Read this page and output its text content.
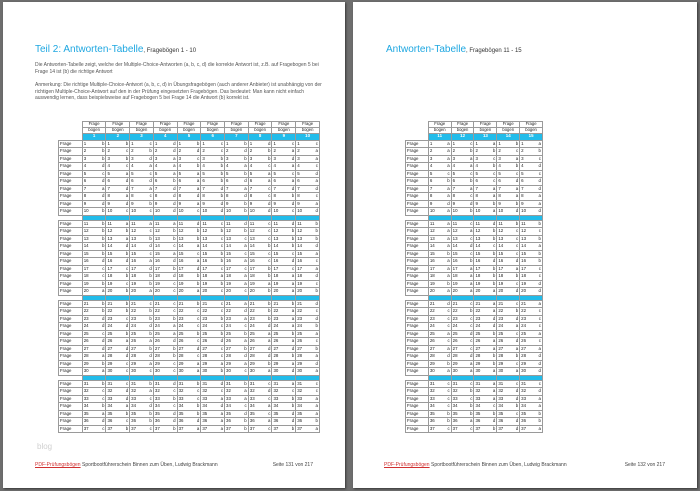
Teil 2: Antworten-Tabelle, Fragebögen 1 - 10

Die Antworten-Tabelle zeigt, welche der Multiple-Choice-Antworten (a, b, c, d) die korrekte Antwort ist, z.B. auf Fragebogen 5 bei Frage 14 ist (b) die richtige Antwort

Anmerkung: Die richtige Multiple-Choice-Antwort (a, b, c, d) in Übungsfragebögen (auch anderer Anbieter) ist unabhängig von der richtigen Multiple-Choice-Antwort auf den in der Prüfung eingesetzten Fragebögen. Das bedeutet: Man kann nicht einfach auswendig lernen, dass beispielsweise auf Fragebogen 5 bei Frage 14 die Antwort (b) korrekt ist.

	Frage	Frage	Frage	Frage	Frage	Frage	Frage	Frage	Frage	Frage
	bogen	bogen	bogen	bogen	bogen	bogen	bogen	bogen	bogen	bogen
	1	2	3	4	5	6	7	8	9	10
Frage	1 b	1 b	1 c	1 d	1 b	1 c	1 b	1 d	1 c	1 c

Frage	2 b	2 c	2 b	2 d	2 d	2 c	2 d	2 b	2 a	2 a

Frage	3 b	3 b	3 d	3 a	3 c	3 b	3 b	3 b	3 d	3 a

Frage	4 d	4 c	4 a	4 a	4 b	4 b	4 a	4 c	4 a	4 c

Frage	5 c	5 a	5 c	5 a	5 a	5 b	5 b	5 a	5 c	5 d

Frage	6 d	6 d	6 d	6 b	6 a	6 b	6 d	6 a	6 a	6 a

Frage	7 a	7 d	7 a	7 d	7 a	7 d	7 a	7 c	7 d	7 d

Frage	8 d	8 a	8 c	8 d	8 d	8 b	8 d	8 c	8 b	8 c

Frage	9 d	9 d	9 b	9 d	9 a	9 d	9 b	9 d	9 d	9 a

Frage	10 b	10 c	10 c	10 d	10 c	10 d	10 b	10 d	10 c	10 d

Frage	11 b	11 a	11 a	11 a	11 d	11 c	11 d	11 c	11 d	11 b

Frage	12 b	12 b	12 c	12 b	12 b	12 b	12 b	12 c	12 b	12 b

Frage	13 b	13 a	13 b	13 b	13 b	13 c	13 c	13 c	13 b	13 b

Frage	14 b	14 d	14 d	14 c	14 a	14 c	14 a	14 b	14 b	14 d

Frage	15 b	15 b	15 c	15 a	15 c	15 b	15 c	15 c	15 c	15 a

Frage	16 d	16 d	16 a	16 d	16 a	16 b	16 a	16 c	16 d	16 c

Frage	17 c	17 c	17 d	17 b	17 d	17 c	17 c	17 b	17 c	17 a

Frage	18 c	18 b	18 b	18 d	18 b	18 a	18 a	18 b	18 a	18 d

Frage	19 b	19 c	19 b	19 c	19 b	19 b	19 a	19 a	19 a	19 c

Frage	20 a	20 b	20 a	20 c	20 a	20 c	20 c	20 b	20 a	20 b

Frage	21 b	21 b	21 c	21 c	21 b	21 c	21 a	21 b	21 b	21 d

Frage	22 b	22 b	22 b	22 c	22 c	22 c	22 d	22 b	22 a	22 c

Frage	23 d	23 c	23 b	23 b	23 c	23 b	23 a	23 b	23 a	23 d

Frage	24 d	24 d	24 d	24 a	24 c	24 c	24 c	24 d	24 a	24 b

Frage	25 c	25 b	25 b	25 a	25 b	25 b	25 b	25 a	25 b	25 a

Frage	26 d	26 a	26 a	26 d	26 c	26 d	26 a	26 a	26 a	26 c

Frage	27 d	27 d	27 b	27 b	27 d	27 c	27 b	27 d	27 d	27 b

Frage	28 a	28 d	28 d	28 b	28 c	28 c	28 d	28 d	28 b	28 a

Frage	29 b	29 c	29 a	29 c	29 a	29 a	29 a	29 b	29 a	29 d

Frage	30 a	30 c	30 c	30 c	30 a	30 b	30 c	30 a	30 d	30 a

Frage	31 b	31 c	31 b	31 d	31 b	31 d	31 b	31 c	31 a	31 c

Frage	32 c	32 d	32 a	32 c	32 c	32 c	32 a	32 d	32 c	32 c

Frage	33 c	33 d	33 c	33 b	33 c	33 a	33 a	33 c	33 b	33 a

Frage	34 b	34 a	34 d	34 c	34 b	34 d	34 c	34 a	34 b	34 a

Frage	35 a	35 b	35 b	35 d	35 b	35 a	35 d	35 c	35 d	35 a

Frage	36 d	36 c	36 b	36 d	36 d	36 a	36 b	36 a	36 d	36 b

Frage	37 c	37 b	37 c	37 b	37 a	37 a	37 b	37 c	37 b	37 a
blog
PDF-Prüfungsbögen Sportbootführerschein Binnen zum Üben, Ludwig Brackmann	Seite 131 von 217
Antworten-Tabelle, Fragebögen 11 - 15
	Frage	Frage	Frage	Frage	Frage
	bogen	bogen	bogen	bogen	bogen
	11	12	13	14	15
Frage	1 a	1 c	1 a	1 b	1 a

Frage	2 a	2 b	2 b	2 c	2 b

Frage	3 a	3 a	3 c	3 a	3 c

Frage	4 a	4 a	4 b	4 b	4 d

Frage	5 c	5 c	5 c	5 c	5 c

Frage	6 b	6 b	6 c	6 d	6 d

Frage	7 a	7 a	7 a	7 a	7 d

Frage	8 a	8 c	8 a	8 a	8 a

Frage	9 d	9 d	9 b	9 b	9 a

Frage	10 a	10 b	10 a	10 d	10 d

Frage	11 a	11 c	11 d	11 b	11 b

Frage	12 a	12 a	12 b	12 c	12 c

Frage	13 a	13 c	13 b	13 c	13 b

Frage	14 a	14 d	14 c	14 c	14 a

Frage	15 b	15 c	15 b	15 c	15 b

Frage	16 a	16 b	16 d	16 d	16 b

Frage	17 a	17 a	17 b	17 a	17 c

Frage	18 a	18 a	18 b	18 b	18 c

Frage	19 b	19 a	19 b	19 c	19 d

Frage	20 a	20 a	20 a	20 d	20 d

Frage	21 d	21 c	21 a	21 c	21 a

Frage	22 c	22 b	22 a	22 b	22 c

Frage	23 c	23 c	23 d	23 d	23 c

Frage	24 c	24 c	24 d	24 a	24 c

Frage	25 a	25 d	25 b	25 c	25 a

Frage	26 c	26 c	26 a	26 d	26 c

Frage	27 a	27 c	27 a	27 a	27 a

Frage	28 d	28 d	28 b	28 b	28 d

Frage	29 b	29 a	29 b	29 c	29 d

Frage	30 a	30 a	30 a	30 a	30 d

Frage	31 c	31 c	31 a	31 c	31 c

Frage	32 c	32 b	32 a	32 d	32 d

Frage	33 c	33 c	33 a	33 d	33 a

Frage	34 c	34 b	34 c	34 b	34 a

Frage	35 b	35 b	35 b	35 c	35 b

Frage	36 b	36 a	36 d	36 d	36 b

Frage	37 c	37 c	37 b	37 d	37 a
PDF-Prüfungsbögen Sportbootführerschein Binnen zum Üben, Ludwig Brackmann	Seite 132 von 217
